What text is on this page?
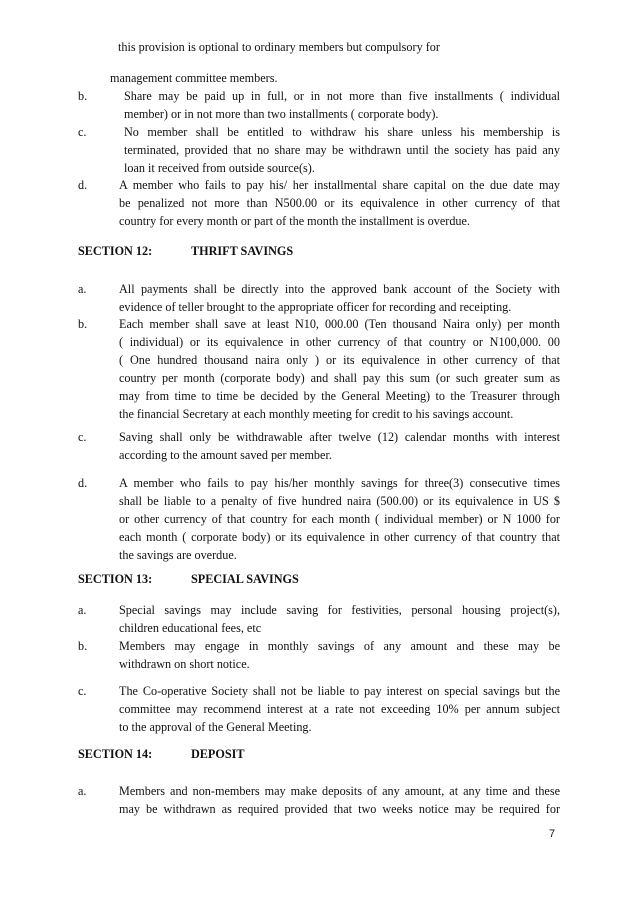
this provision is optional to ordinary members but compulsory for
management committee members.
b.	Share may be paid up in full, or in not more than five installments ( individual
member) or in not more than two installments ( corporate body).
c.	No member shall be entitled to withdraw his share unless his membership is
terminated, provided that no share may be withdrawn until the society has paid any
loan it received from outside source(s).
d.	A member who fails to pay his/ her installmental share capital on the due date may
be penalized not more than N500.00 or its equivalence in other currency of that
country for every month or part of the month the installment is overdue.
SECTION 12:	THRIFT SAVINGS
a.	All payments shall be directly into the approved bank account of the Society with
evidence of teller brought to the appropriate officer for recording and receipting.
b.	Each member shall save at least N10, 000.00 (Ten thousand Naira only) per month
( individual) or its equivalence in other currency of that country or N100,000. 00
( One hundred thousand naira only ) or its equivalence in other currency of that
country per month (corporate body) and shall pay this sum (or such greater sum as
may from time to time be decided by the General Meeting) to the Treasurer through
the financial Secretary at each monthly meeting for credit to his savings account.
c.	Saving shall only be withdrawable after twelve (12) calendar months with interest
according to the amount saved per member.
d.	A member who fails to pay his/her monthly savings for three(3) consecutive times
shall be liable to a penalty of five hundred naira (500.00) or its equivalence in US $
or other currency of that country for each month ( individual member) or N 1000 for
each month ( corporate body) or its equivalence in other currency of that country that
the savings are overdue.
SECTION 13:	SPECIAL SAVINGS
a.	Special savings may include saving for festivities, personal housing project(s),
children educational fees, etc
b.	Members may engage in monthly savings of any amount and these may be
withdrawn on short notice.
c.	The Co-operative Society shall not be liable to pay interest on special savings but the
committee may recommend interest at a rate not exceeding 10% per annum subject
to the approval of the General Meeting.
SECTION 14:	DEPOSIT
a.	Members and non-members may make deposits of any amount, at any time and these
may be withdrawn as required provided that two weeks notice may be required for
7
